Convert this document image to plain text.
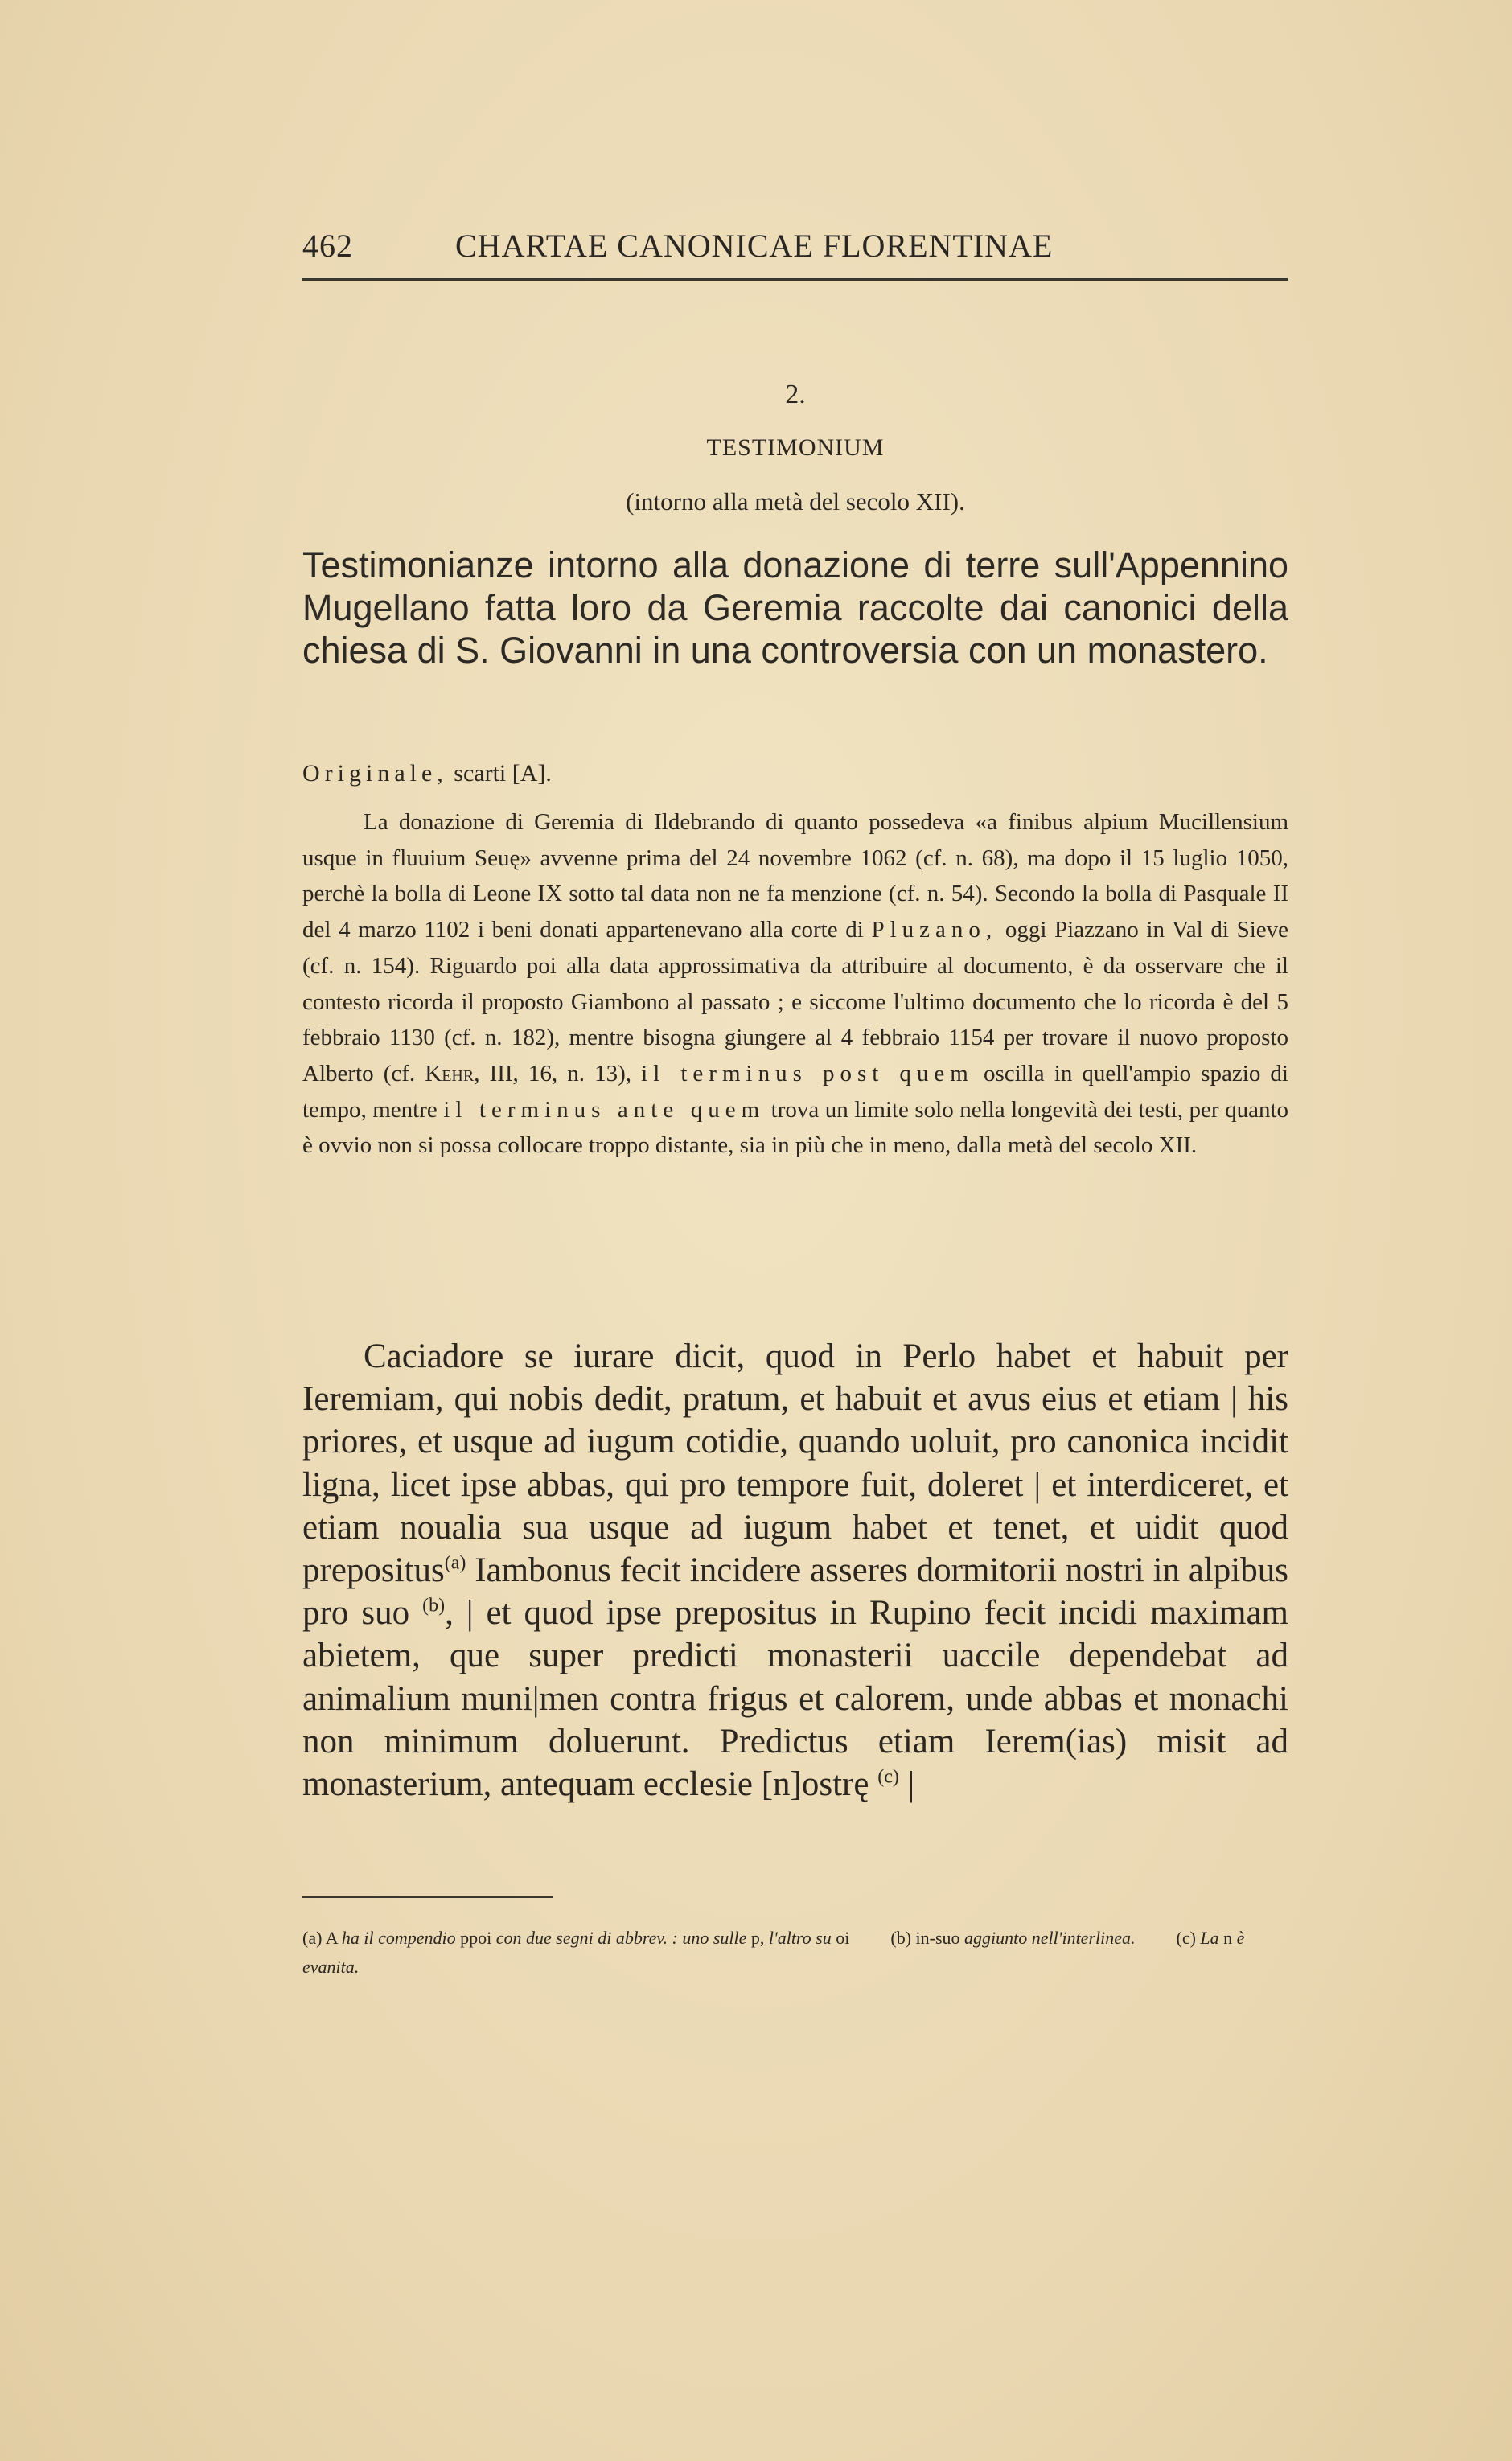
462	CHARTAE CANONICAE FLORENTINAE
2.
TESTIMONIUM
(intorno alla metà del secolo XII).
Testimonianze intorno alla donazione di terre sull'Appennino Mugellano fatta loro da Geremia raccolte dai canonici della chiesa di S. Giovanni in una controversia con un monastero.
Originale, scarti [A].
La donazione di Geremia di Ildebrando di quanto possedeva «a finibus alpium Mucillensium usque in fluuium Seuę» avvenne prima del 24 novembre 1062 (cf. n. 68), ma dopo il 15 luglio 1050, perchè la bolla di Leone IX sotto tal data non ne fa menzione (cf. n. 54). Secondo la bolla di Pasquale II del 4 marzo 1102 i beni donati appartenevano alla corte di Pluzano, oggi Piazzano in Val di Sieve (cf. n. 154). Riguardo poi alla data approssimativa da attribuire al documento, è da osservare che il contesto ricorda il proposto Giambono al passato ; e siccome l'ultimo documento che lo ricorda è del 5 febbraio 1130 (cf. n. 182), mentre bisogna giungere al 4 febbraio 1154 per trovare il nuovo proposto Alberto (cf. Kehr, III, 16, n. 13), il terminus post quem oscilla in quell'ampio spazio di tempo, mentre il terminus ante quem trova un limite solo nella longevità dei testi, per quanto è ovvio non si possa collocare troppo distante, sia in più che in meno, dalla metà del secolo XII.
Caciadore se iurare dicit, quod in Perlo habet et habuit per Ieremiam, qui nobis dedit, pratum, et habuit et avus eius et etiam | his priores, et usque ad iugum cotidie, quando uoluit, pro canonica incidit ligna, licet ipse abbas, qui pro tempore fuit, doleret | et interdiceret, et etiam noualia sua usque ad iugum habet et tenet, et uidit quod prepositus$^{(a)}$ Iambonus fecit incidere asseres dormitorii nostri in alpibus pro suo $^{(b)}$, | et quod ipse prepositus in Rupino fecit incidi maximam abietem, que super predicti monasterii uaccile dependebat ad animalium muni|men contra frigus et calorem, unde abbas et monachi non minimum doluerunt. Predictus etiam Ierem(ias) misit ad monasterium, antequam ecclesie [n]ostrę $^{(c)}$ |
(a) A ha il compendio ppoi con due segni di abbrev. : uno sulle p, l'altro su oi (b) in-suo aggiunto nell'interlinea. (c) La n è evanita.
